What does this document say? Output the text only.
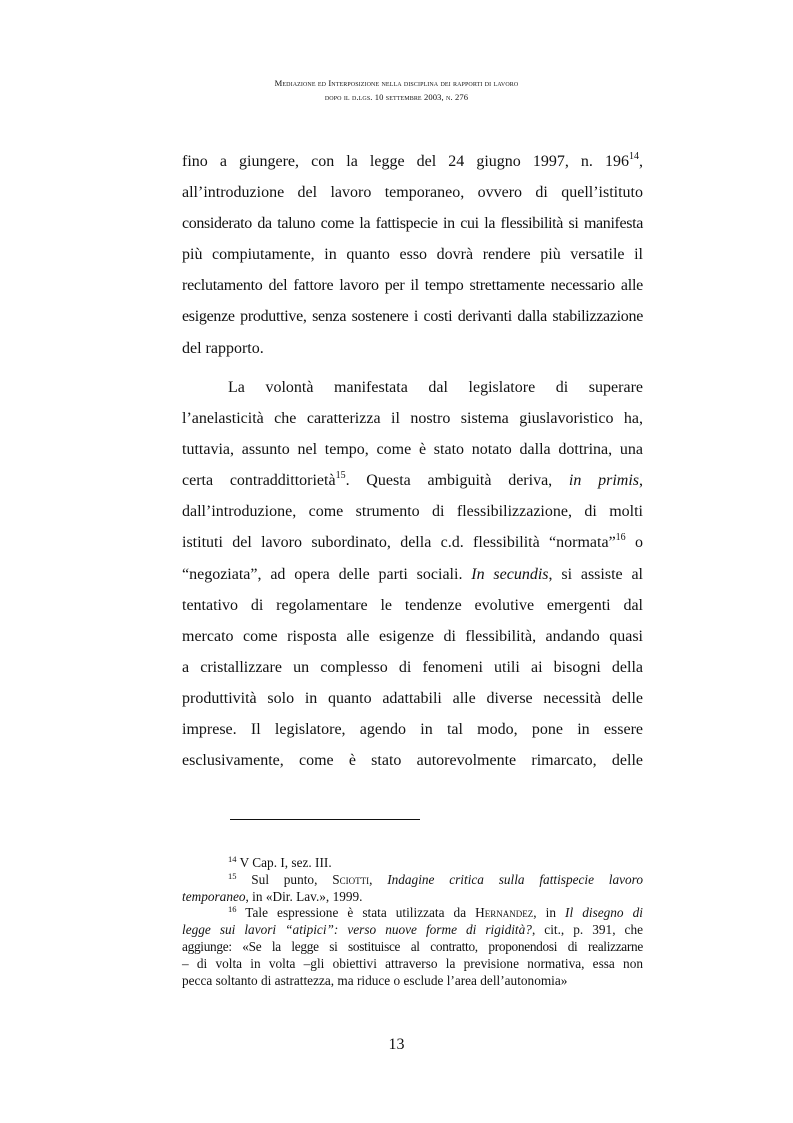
Mediazione ed Interposizione nella disciplina dei rapporti di lavoro
dopo il d.lgs. 10 settembre 2003, n. 276
fino a giungere, con la legge del 24 giugno 1997, n. $196^{14}$,
all’introduzione del lavoro temporaneo, ovvero di quell’istituto
considerato da taluno come la fattispecie in cui la flessibilità si manifesta
più compiutamente, in quanto esso dovrà rendere più versatile il
reclutamento del fattore lavoro per il tempo strettamente necessario alle
esigenze produttive, senza sostenere i costi derivanti dalla stabilizzazione
del rapporto.
La volontà manifestata dal legislatore di superare
l’anelasticità che caratterizza il nostro sistema giuslavoristico ha,
tuttavia, assunto nel tempo, come è stato notato dalla dottrina, una
certa contraddittorietà$^{15}$. Questa ambiguità deriva, in primis,
dall’introduzione, come strumento di flessibilizzazione, di molti
istituti del lavoro subordinato, della c.d. flessibilità “normata”$^{16}$ o
“negoziata”, ad opera delle parti sociali. In secundis, si assiste al
tentativo di regolamentare le tendenze evolutive emergenti dal
mercato come risposta alle esigenze di flessibilità, andando quasi
a cristallizzare un complesso di fenomeni utili ai bisogni della
produttività solo in quanto adattabili alle diverse necessità delle
imprese. Il legislatore, agendo in tal modo, pone in essere
esclusivamente, come è stato autorevolmente rimarcato, delle
$^{14}$ V Cap. I, sez. III.
$^{15}$ Sul punto, Sciotti, Indagine critica sulla fattispecie lavoro
temporaneo, in «Dir. Lav.», 1999.
$^{16}$ Tale espressione è stata utilizzata da Hernandez, in Il disegno di
legge sui lavori “atipici”: verso nuove forme di rigidità?, cit., p. 391, che
aggiunge: «Se la legge si sostituisce al contratto, proponendosi di realizzarne
– di volta in volta –gli obiettivi attraverso la previsione normativa, essa non
pecca soltanto di astrattezza, ma riduce o esclude l’area dell’autonomia»
13
